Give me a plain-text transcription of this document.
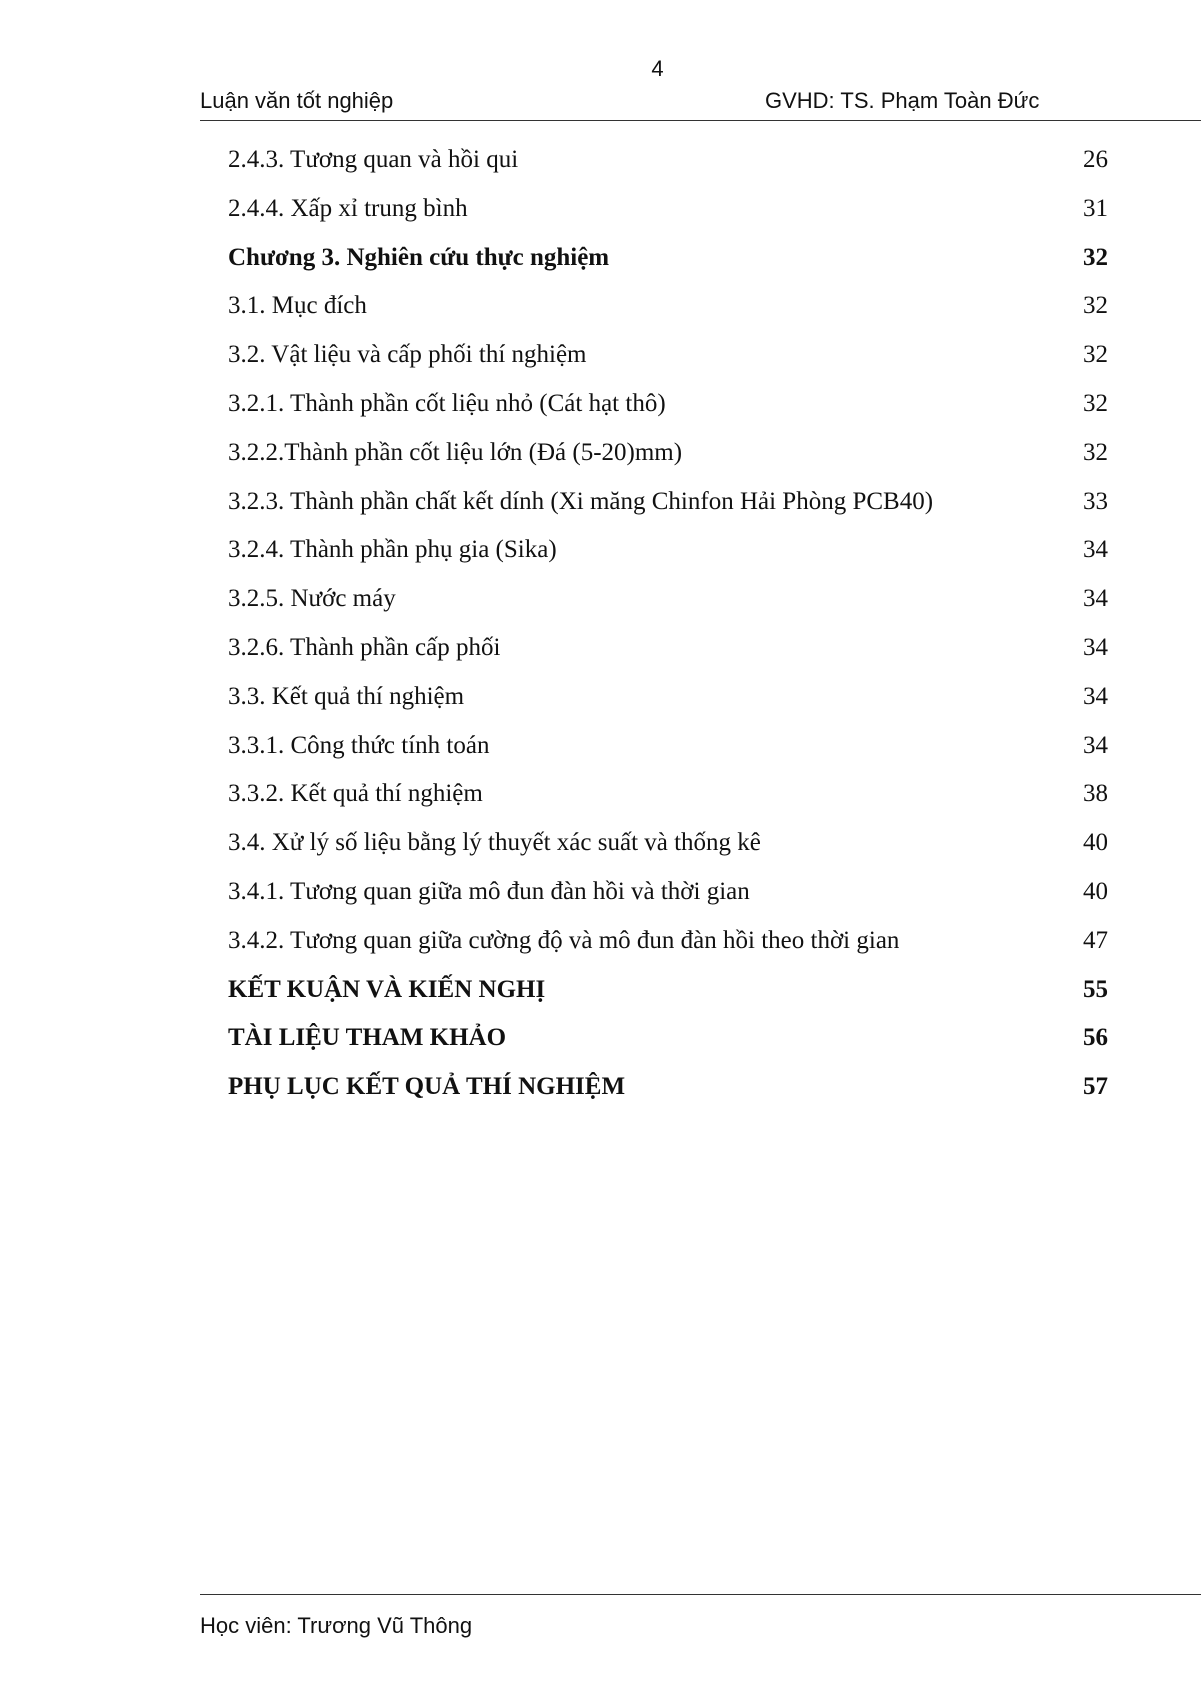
4
Luận văn tốt nghiệp	GVHD: TS. Phạm Toàn Đức
2.4.3. Tương quan và hồi qui	26
2.4.4. Xấp xỉ trung bình	31
Chương 3. Nghiên cứu thực nghiệm	32
3.1. Mục đích	32
3.2. Vật liệu và cấp phối thí nghiệm	32
3.2.1. Thành phần cốt liệu nhỏ (Cát hạt thô)	32
3.2.2.Thành phần cốt liệu lớn (Đá (5-20)mm)	32
3.2.3. Thành phần chất kết dính (Xi măng Chinfon Hải Phòng PCB40)	33
3.2.4. Thành phần phụ gia (Sika)	34
3.2.5. Nước máy	34
3.2.6. Thành phần cấp phối	34
3.3. Kết quả thí nghiệm	34
3.3.1. Công thức tính toán	34
3.3.2. Kết quả thí nghiệm	38
3.4. Xử lý số liệu bằng lý thuyết xác suất và thống kê	40
3.4.1. Tương quan giữa mô đun đàn hồi và thời gian	40
3.4.2. Tương quan giữa cường độ và mô đun đàn hồi theo thời gian	47
KẾT KUẬN VÀ KIẾN NGHỊ	55
TÀI LIỆU THAM KHẢO	56
PHỤ LỤC KẾT QUẢ THÍ NGHIỆM	57
Học viên: Trương Vũ Thông
